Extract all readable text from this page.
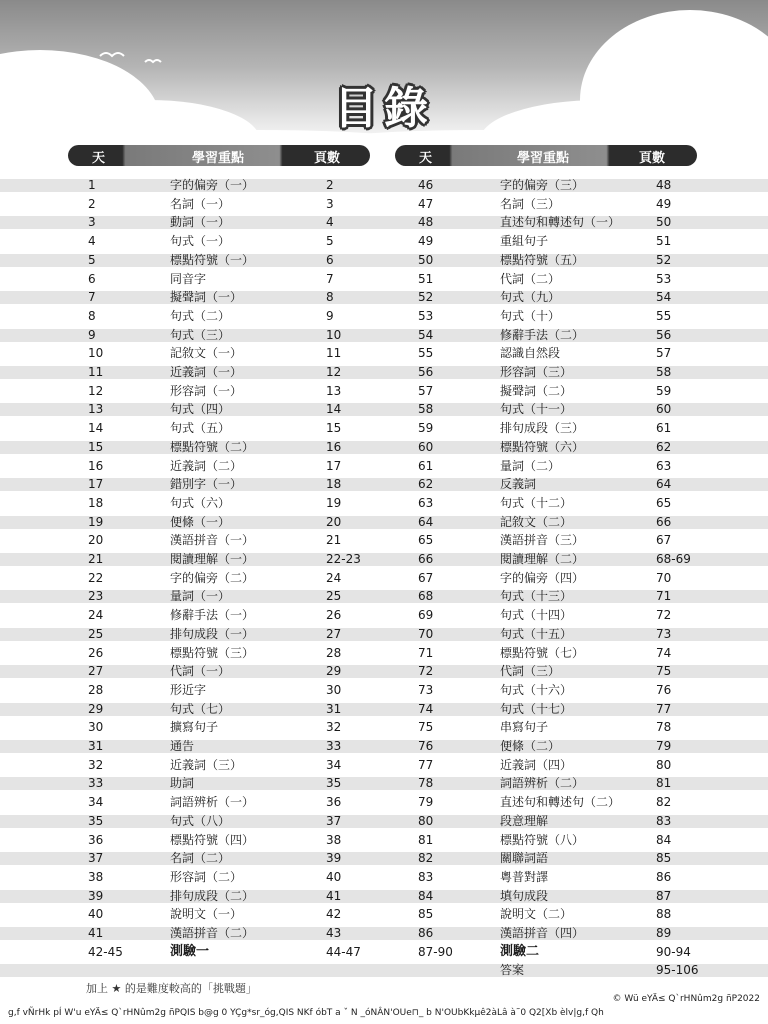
目錄
天	學習重點	頁數	天	學習重點	頁數
1	字的偏旁（一）	2
2	名詞（一）	3
3	動詞（一）	4
4	句式（一）	5
5	標點符號（一）	6
6	同音字	7
7	擬聲詞（一）	8
8	句式（二）	9
9	句式（三）	10
10	記敘文（一）	11
11	近義詞（一）	12
12	形容詞（一）	13
13	句式（四）	14
14	句式（五）	15
15	標點符號（二）	16
16	近義詞（二）	17
17	錯別字（一）	18
18	句式（六）	19
19	便條（一）	20
20	漢語拼音（一）	21
21	閱讀理解（一）	22-23
22	字的偏旁（二）	24
23	量詞（一）	25
24	修辭手法（一）	26
25	排句成段（一）	27
26	標點符號（三）	28
27	代詞（一）	29
28	形近字	30
29	句式（七）	31
30	擴寫句子	32
31	通告	33
32	近義詞（三）	34
33	助詞	35
34	詞語辨析（一）	36
35	句式（八）	37
36	標點符號（四）	38
37	名詞（二）	39
38	形容詞（二）	40
39	排句成段（二）	41
40	說明文（一）	42
41	漢語拼音（二）	43
42-45	測驗一	44-47
46	字的偏旁（三）	48
47	名詞（三）	49
48	直述句和轉述句（一）	50
49	重組句子	51
50	標點符號（五）	52
51	代詞（二）	53
52	句式（九）	54
53	句式（十）	55
54	修辭手法（二）	56
55	認識自然段	57
56	形容詞（三）	58
57	擬聲詞（二）	59
58	句式（十一）	60
59	排句成段（三）	61
60	標點符號（六）	62
61	量詞（二）	63
62	反義詞	64
63	句式（十二）	65
64	記敘文（二）	66
65	漢語拼音（三）	67
66	閱讀理解（二）	68-69
67	字的偏旁（四）	70
68	句式（十三）	71
69	句式（十四）	72
70	句式（十五）	73
71	標點符號（七）	74
72	代詞（三）	75
73	句式（十六）	76
74	句式（十七）	77
75	串寫句子	78
76	便條（二）	79
77	近義詞（四）	80
78	詞語辨析（二）	81
79	直述句和轉述句（二）	82
80	段意理解	83
81	標點符號（八）	84
82	關聯詞語	85
83	粵普對譯	86
84	填句成段	87
85	說明文（二）	88
86	漢語拼音（四）	89
87-90	測驗二	90-94
答案	95-106
加上 ★ 的是難度較高的「挑戰題」
© Wü eYÄ≤ Q`rHNûm2g ñP2022
g,f vÑrHk pÍ W'u eYÄ≤ Q`rHNûm2g ñPQIS b@g 0 YÇg*sr_óg,QIS NKf óbT a ˇ N _óNÂN'OUe⊓_ b N'OUbKkµê2àLâ à˜0 Q2[Xb èlv|g,f Qh
